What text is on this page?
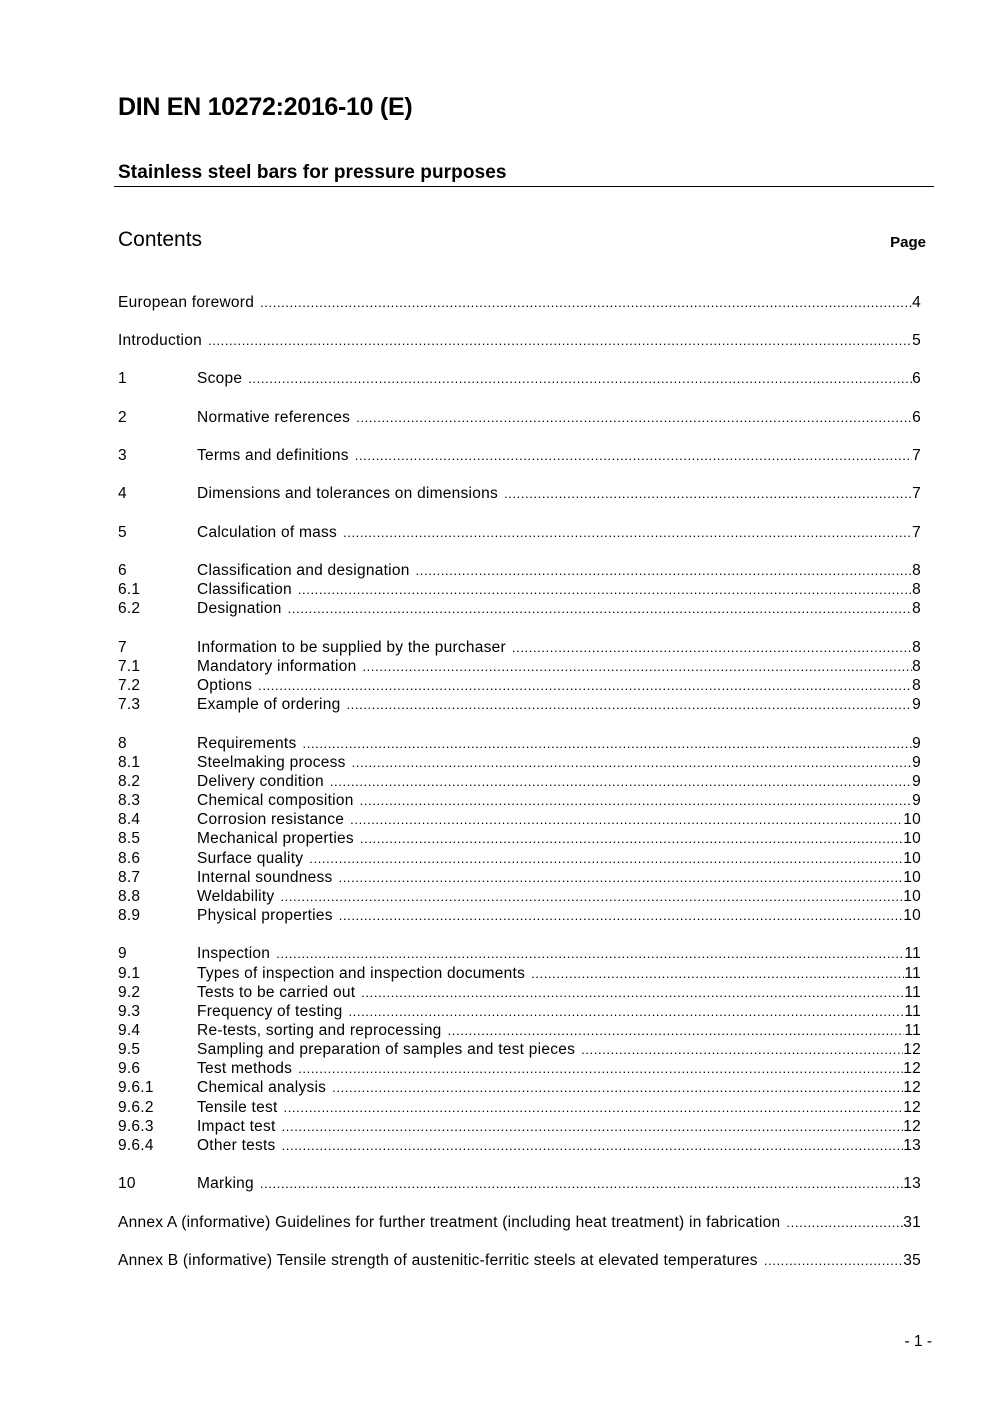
DIN EN 10272:2016-10 (E)
Stainless steel bars for pressure purposes
Contents	Page
European foreword .....	4
Introduction .....	5
1	Scope .....	6
2	Normative references .....	6
3	Terms and definitions .....	7
4	Dimensions and tolerances on dimensions .....	7
5	Calculation of mass .....	7
6	Classification and designation .....	8
6.1	Classification .....	8
6.2	Designation .....	8
7	Information to be supplied by the purchaser .....	8
7.1	Mandatory information .....	8
7.2	Options .....	8
7.3	Example of ordering .....	9
8	Requirements .....	9
8.1	Steelmaking process .....	9
8.2	Delivery condition .....	9
8.3	Chemical composition .....	9
8.4	Corrosion resistance .....	10
8.5	Mechanical properties .....	10
8.6	Surface quality .....	10
8.7	Internal soundness .....	10
8.8	Weldability .....	10
8.9	Physical properties .....	10
9	Inspection .....	11
9.1	Types of inspection and inspection documents .....	11
9.2	Tests to be carried out .....	11
9.3	Frequency of testing .....	11
9.4	Re-tests, sorting and reprocessing .....	11
9.5	Sampling and preparation of samples and test pieces .....	12
9.6	Test methods .....	12
9.6.1	Chemical analysis .....	12
9.6.2	Tensile test .....	12
9.6.3	Impact test .....	12
9.6.4	Other tests .....	13
10	Marking .....	13
Annex A (informative) Guidelines for further treatment (including heat treatment) in fabrication .....	31
Annex B (informative) Tensile strength of austenitic-ferritic steels at elevated temperatures .....	35
- 1 -
